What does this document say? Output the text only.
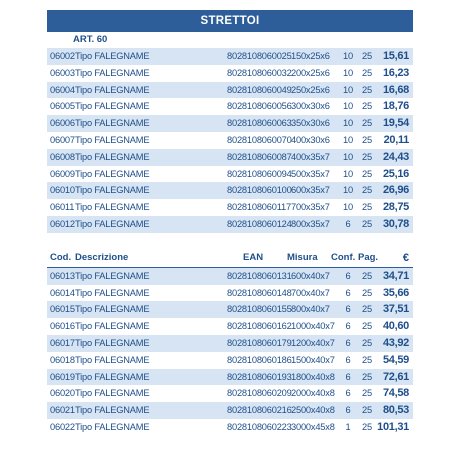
STRETTOI
ART. 60
06002 Tipo FALEGNAME	8028108060025 150x25x6 10 25 15,61
06003 Tipo FALEGNAME	8028108060032 200x25x6 10 25 16,23
06004 Tipo FALEGNAME	8028108060049 250x25x6 10 25 16,68
06005 Tipo FALEGNAME	8028108060056 300x30x6 10 25 18,76
06006 Tipo FALEGNAME	8028108060063 350x30x6 10 25 19,54
06007 Tipo FALEGNAME	8028108060070 400x30x6 10 25 20,11
06008 Tipo FALEGNAME	8028108060087 400x35x7 10 25 24,43
06009 Tipo FALEGNAME	8028108060094 500x35x7 10 25 25,16
06010 Tipo FALEGNAME	8028108060100 600x35x7 10 25 26,96
06011 Tipo FALEGNAME	8028108060117 700x35x7 10 25 28,75
06012 Tipo FALEGNAME	8028108060124 800x35x7	6	25 30,78
Cod. Descrizione	EAN	Misura Conf. Pag. €
06013 Tipo FALEGNAME	8028108060131 600x40x7	6	25 34,71
06014 Tipo FALEGNAME	8028108060148 700x40x7	6	25 35,66
06015 Tipo FALEGNAME	8028108060155 800x40x7	6	25 37,51
06016 Tipo FALEGNAME	8028108060162 1000x40x7	6	25 40,60
06017 Tipo FALEGNAME	8028108060179 1200x40x7	6	25 43,92
06018 Tipo FALEGNAME	8028108060186 1500x40x7	6	25 54,59
06019 Tipo FALEGNAME	8028108060193 1800x40x8	6	25 72,61
06020 Tipo FALEGNAME	8028108060209 2000x40x8	6	25 74,58
06021 Tipo FALEGNAME	8028108060216 2500x40x8	6	25 80,53
06022 Tipo FALEGNAME	8028108060223 3000x45x8	1	25 101,31
